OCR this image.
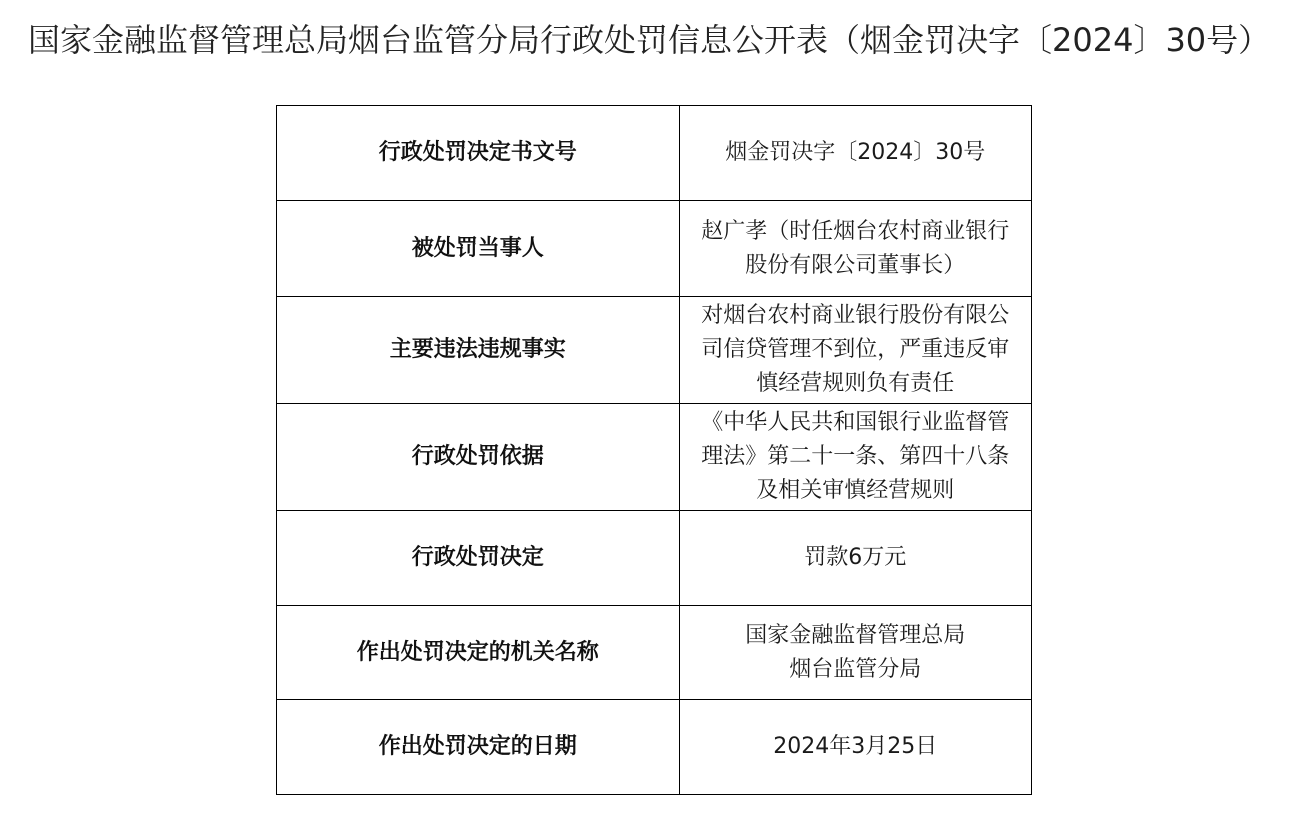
国家金融监督管理总局烟台监管分局行政处罚信息公开表（烟金罚决字〔2024〕30号）
行政处罚决定书文号	烟金罚决字〔2024〕30号

被处罚当事人	赵广孝（时任烟台农村商业银行
股份有限公司董事长）

主要违法违规事实	对烟台农村商业银行股份有限公
司信贷管理不到位，严重违反审
慎经营规则负有责任

行政处罚依据	《中华人民共和国银行业监督管
理法》第二十一条、第四十八条
及相关审慎经营规则

行政处罚决定	罚款6万元

作出处罚决定的机关名称	国家金融监督管理总局
烟台监管分局

作出处罚决定的日期	2024年3月25日
